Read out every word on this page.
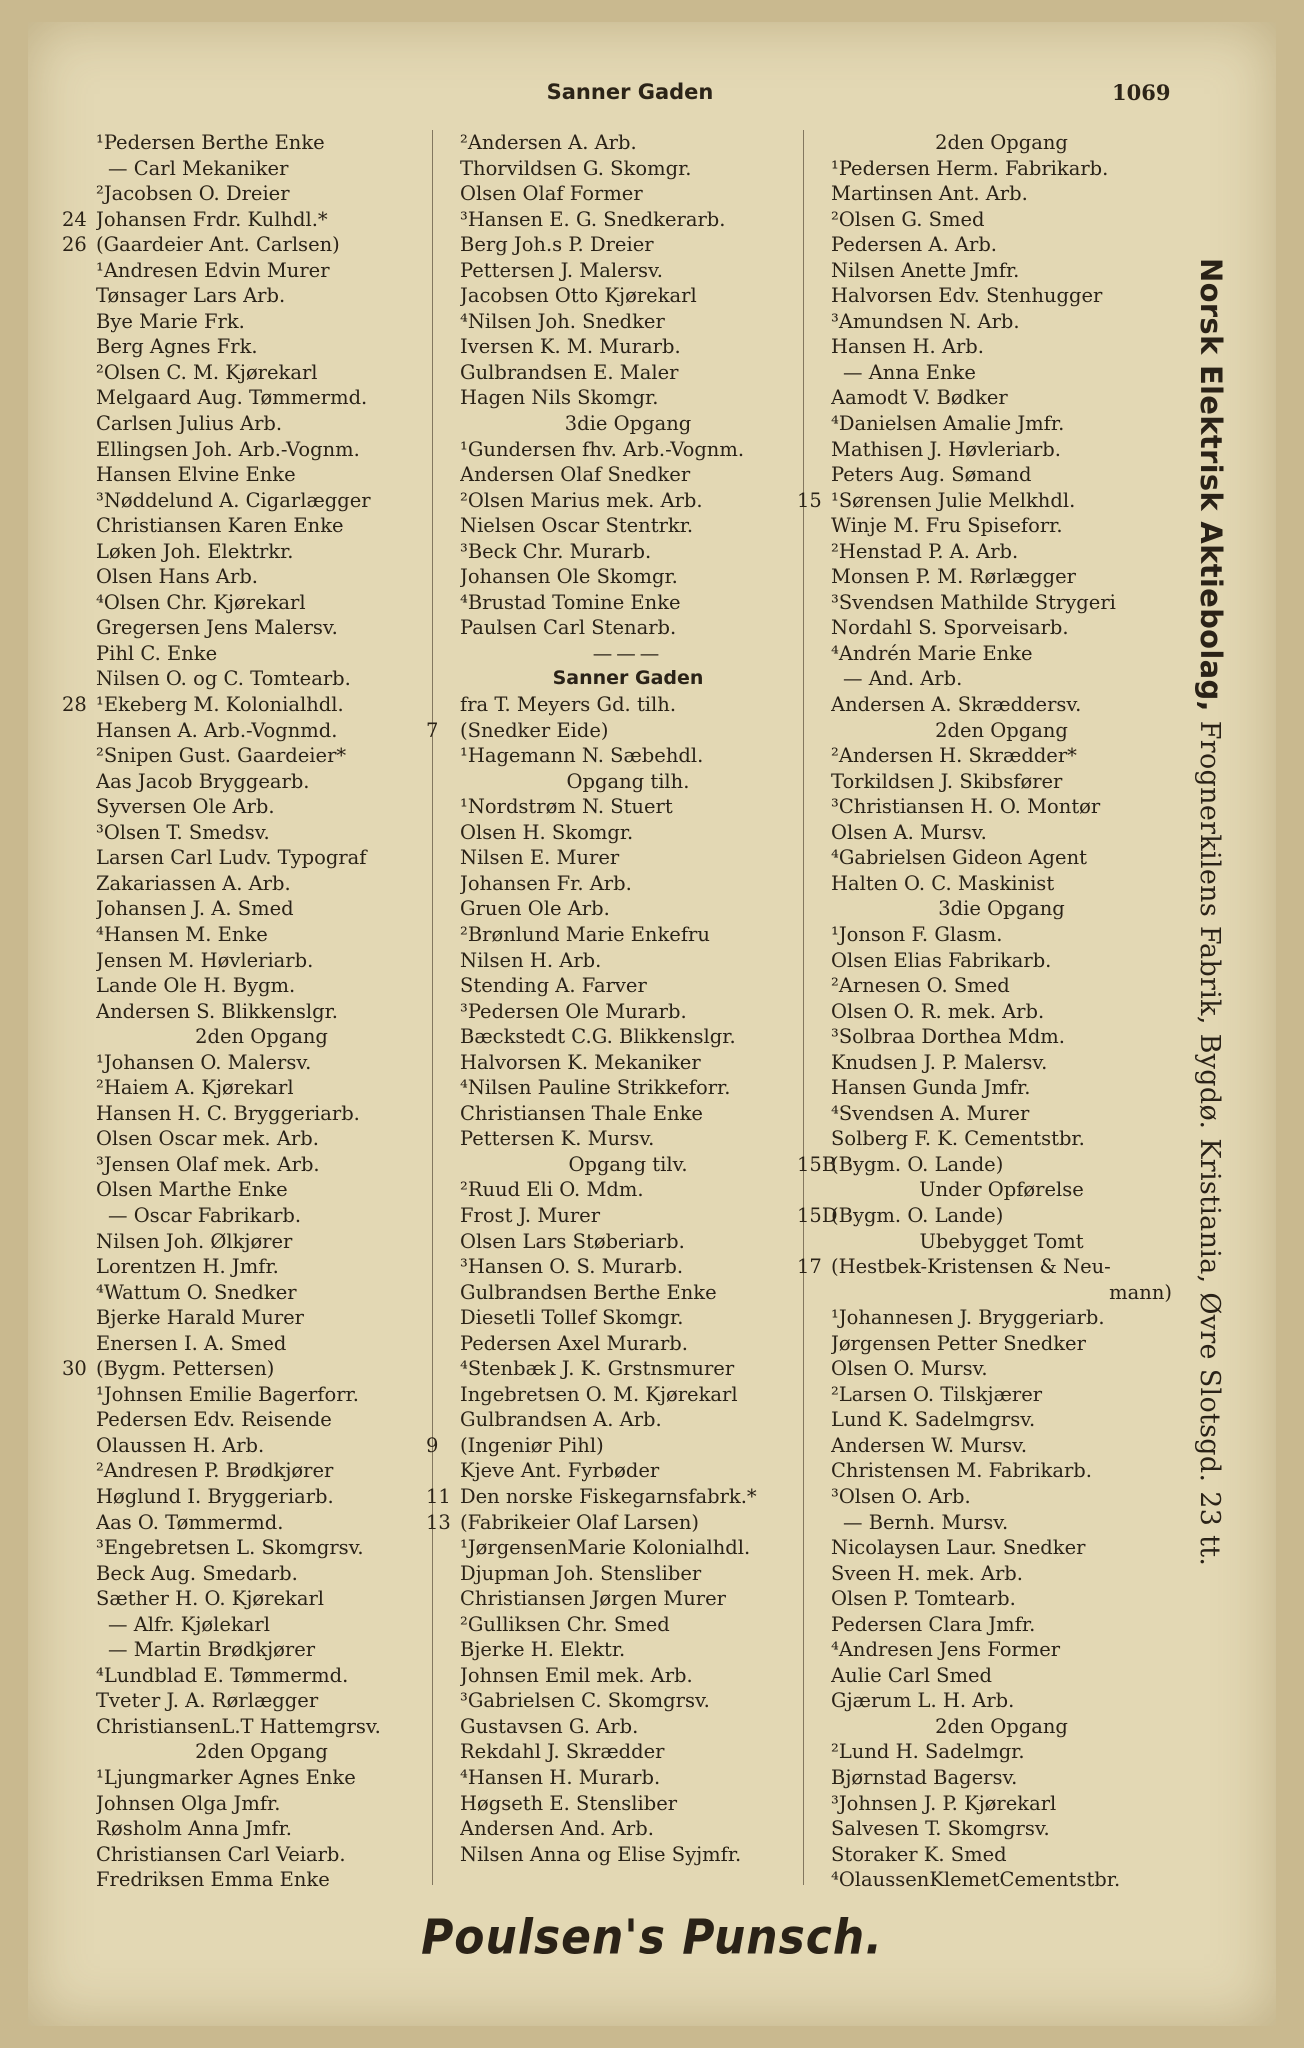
Sanner Gaden	1069
¹Pedersen Berthe Enke
— Carl Mekaniker
²Jacobsen O. Dreier
24 Johansen Frdr. Kulhdl.*
26 (Gaardeier Ant. Carlsen)
¹Andresen Edvin Murer
Tønsager Lars Arb.
Bye Marie Frk.
Berg Agnes Frk.
²Olsen C. M. Kjørekarl
Melgaard Aug. Tømmermd.
Carlsen Julius Arb.
Ellingsen Joh. Arb.-Vognm.
Hansen Elvine Enke
³Nøddelund A. Cigarlægger
Christiansen Karen Enke
Løken Joh. Elektrkr.
Olsen Hans Arb.
⁴Olsen Chr. Kjørekarl
Gregersen Jens Malersv.
Pihl C. Enke
Nilsen O. og C. Tomtearb.
28 ¹Ekeberg M. Kolonialhdl.
Hansen A. Arb.-Vognmd.
²Snipen Gust. Gaardeier*
Aas Jacob Bryggearb.
Syversen Ole Arb.
³Olsen T. Smedsv.
Larsen Carl Ludv. Typograf
Zakariassen A. Arb.
Johansen J. A. Smed
⁴Hansen M. Enke
Jensen M. Høvleriarb.
Lande Ole H. Bygm.
Andersen S. Blikkenslgr.
2den Opgang
¹Johansen O. Malersv.
²Haiem A. Kjørekarl
Hansen H. C. Bryggeriarb.
Olsen Oscar mek. Arb.
³Jensen Olaf mek. Arb.
Olsen Marthe Enke
— Oscar Fabrikarb.
Nilsen Joh. Ølkjører
Lorentzen H. Jmfr.
⁴Wattum O. Snedker
Bjerke Harald Murer
Enersen I. A. Smed
30 (Bygm. Pettersen)
¹Johnsen Emilie Bagerforr.
Pedersen Edv. Reisende
Olaussen H. Arb.
²Andresen P. Brødkjører
Høglund I. Bryggeriarb.
Aas O. Tømmermd.
³Engebretsen L. Skomgrsv.
Beck Aug. Smedarb.
Sæther H. O. Kjørekarl
— Alfr. Kjølekarl
— Martin Brødkjører
⁴Lundblad E. Tømmermd.
Tveter J. A. Rørlægger
ChristiansenL.T Hattemgrsv.
2den Opgang
¹Ljungmarker Agnes Enke
Johnsen Olga Jmfr.
Røsholm Anna Jmfr.
Christiansen Carl Veiarb.
Fredriksen Emma Enke
²Andersen A. Arb.
Thorvildsen G. Skomgr.
Olsen Olaf Former
³Hansen E. G. Snedkerarb.
Berg Joh.s P. Dreier
Pettersen J. Malersv.
Jacobsen Otto Kjørekarl
⁴Nilsen Joh. Snedker
Iversen K. M. Murarb.
Gulbrandsen E. Maler
Hagen Nils Skomgr.
3die Opgang
¹Gundersen fhv. Arb.-Vognm.
Andersen Olaf Snedker
²Olsen Marius mek. Arb.
Nielsen Oscar Stentrkr.
³Beck Chr. Murarb.
Johansen Ole Skomgr.
⁴Brustad Tomine Enke
Paulsen Carl Stenarb.
———
Sanner Gaden
fra T. Meyers Gd. tilh.
7	(Snedker Eide)
¹Hagemann N. Sæbehdl.
Opgang tilh.
¹Nordstrøm N. Stuert
Olsen H. Skomgr.
Nilsen E. Murer
Johansen Fr. Arb.
Gruen Ole Arb.
²Brønlund Marie Enkefru
Nilsen H. Arb.
Stending A. Farver
³Pedersen Ole Murarb.
Bæckstedt C.G. Blikkenslgr.
Halvorsen K. Mekaniker
⁴Nilsen Pauline Strikkeforr.
Christiansen Thale Enke
Pettersen K. Mursv.
Opgang tilv.
²Ruud Eli O. Mdm.
Frost J. Murer
Olsen Lars Støberiarb.
³Hansen O. S. Murarb.
Gulbrandsen Berthe Enke
Diesetli Tollef Skomgr.
Pedersen Axel Murarb.
⁴Stenbæk J. K. Grstnsmurer
Ingebretsen O. M. Kjørekarl
Gulbrandsen A. Arb.
9	(Ingeniør Pihl)
Kjeve Ant. Fyrbøder
11 Den norske Fiskegarnsfabrk.*
13 (Fabrikeier Olaf Larsen)
¹JørgensenMarie Kolonialhdl.
Djupman Joh. Stensliber
Christiansen Jørgen Murer
²Gulliksen Chr. Smed
Bjerke H. Elektr.
Johnsen Emil mek. Arb.
³Gabrielsen C. Skomgrsv.
Gustavsen G. Arb.
Rekdahl J. Skrædder
⁴Hansen H. Murarb.
Høgseth E. Stensliber
Andersen And. Arb.
Nilsen Anna og Elise Syjmfr.
2den Opgang
¹Pedersen Herm. Fabrikarb.
Martinsen Ant. Arb.
²Olsen G. Smed
Pedersen A. Arb.
Nilsen Anette Jmfr.
Halvorsen Edv. Stenhugger
³Amundsen N. Arb.
Hansen H. Arb.
— Anna Enke
Aamodt V. Bødker
⁴Danielsen Amalie Jmfr.
Mathisen J. Høvleriarb.
Peters Aug. Sømand
15 ¹Sørensen Julie Melkhdl.
Winje M. Fru Spiseforr.
²Henstad P. A. Arb.
Monsen P. M. Rørlægger
³Svendsen Mathilde Strygeri
Nordahl S. Sporveisarb.
⁴Andrén Marie Enke
— And. Arb.
Andersen A. Skræddersv.
2den Opgang
²Andersen H. Skrædder*
Torkildsen J. Skibsfører
³Christiansen H. O. Montør
Olsen A. Mursv.
⁴Gabrielsen Gideon Agent
Halten O. C. Maskinist
3die Opgang
¹Jonson F. Glasm.
Olsen Elias Fabrikarb.
²Arnesen O. Smed
Olsen O. R. mek. Arb.
³Solbraa Dorthea Mdm.
Knudsen J. P. Malersv.
Hansen Gunda Jmfr.
⁴Svendsen A. Murer
Solberg F. K. Cementstbr.
15B
(Bygm. O. Lande)
Under Opførelse
15D
(Bygm. O. Lande)
Ubebygget Tomt
17 (Hestbek-Kristensen & Neu-
mann)
¹Johannesen J. Bryggeriarb.
Jørgensen Petter Snedker
Olsen O. Mursv.
²Larsen O. Tilskjærer
Lund K. Sadelmgrsv.
Andersen W. Mursv.
Christensen M. Fabrikarb.
³Olsen O. Arb.
— Bernh. Mursv.
Nicolaysen Laur. Snedker
Sveen H. mek. Arb.
Olsen P. Tomtearb.
Pedersen Clara Jmfr.
⁴Andresen Jens Former
Aulie Carl Smed
Gjærum L. H. Arb.
2den Opgang
²Lund H. Sadelmgr.
Bjørnstad Bagersv.
³Johnsen J. P. Kjørekarl
Salvesen T. Skomgrsv.
Storaker K. Smed
⁴OlaussenKlemetCementstbr.
Norsk Elektrisk Aktiebolag, Frognerkilens Fabrik, Bygdø. Kristiania, Øvre Slotsgd. 23 tt.
Poulsen's Punsch.
